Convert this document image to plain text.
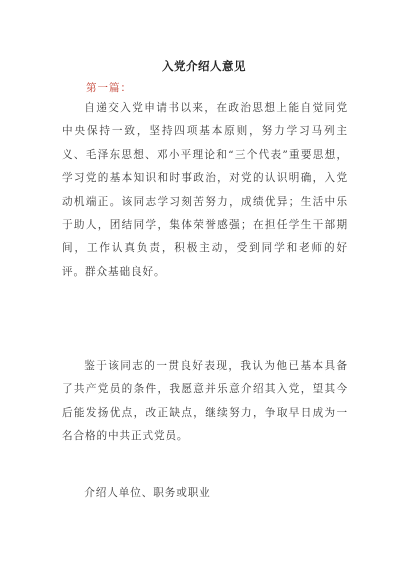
入党介绍人意见
第一篇：

自递交入党申请书以来，在政治思想上能自觉同党中央保持一致，坚持四项基本原则，努力学习马列主义、毛泽东思想、邓小平理论和“三个代表”重要思想，学习党的基本知识和时事政治，对党的认识明确，入党动机端正。该同志学习刻苦努力，成绩优异；生活中乐于助人，团结同学，集体荣誉感强；在担任学生干部期间，工作认真负责，积极主动，受到同学和老师的好评。群众基础良好。

鉴于该同志的一贯良好表现，我认为他已基本具备了共产党员的条件，我愿意并乐意介绍其入党，望其今后能发扬优点，改正缺点，继续努力，争取早日成为一名合格的中共正式党员。

介绍人单位、职务或职业
